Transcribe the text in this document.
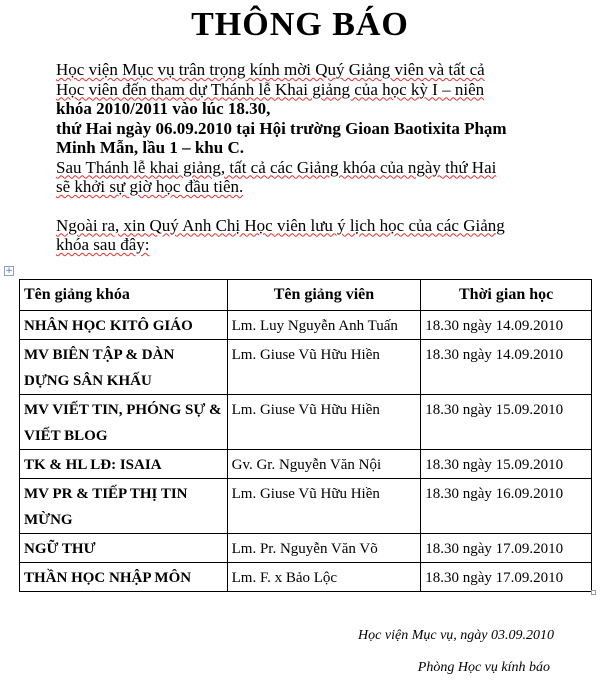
THÔNG BÁO

Học viện Mục vụ trân trọng kính mời Quý Giảng viên và tất cả

Học viên đến tham dự Thánh lễ Khai giảng của học kỳ I – niên

khóa 2010/2011 vào lúc 18.30,

thứ Hai ngày 06.09.2010 tại Hội trường Gioan Baotixita Phạm

Minh Mẫn, lầu 1 – khu C.

Sau Thánh lễ khai giảng, tất cả các Giảng khóa của ngày thứ Hai

sẽ khởi sự giờ học đầu tiên.

Ngoài ra, xin Quý Anh Chị Học viên lưu ý lịch học của các Giảng

khóa sau đây:

+
Tên giảng khóa	Tên giảng viên	Thời gian học
NHÂN HỌC KITÔ GIÁO	Lm. Luy Nguyễn Anh Tuấn	18.30 ngày 14.09.2010
MV BIÊN TẬP & DÀN DỰNG SÂN KHẤU	Lm. Giuse Vũ Hữu Hiền	18.30 ngày 14.09.2010
MV VIẾT TIN, PHÓNG SỰ & VIẾT BLOG	Lm. Giuse Vũ Hữu Hiền	18.30 ngày 15.09.2010
TK & HL LĐ: ISAIA	Gv. Gr. Nguyễn Văn Nội	18.30 ngày 15.09.2010
MV PR & TIẾP THỊ TIN MỪNG	Lm. Giuse Vũ Hữu Hiền	18.30 ngày 16.09.2010
NGỮ THƯ	Lm. Pr. Nguyễn Văn Võ	18.30 ngày 17.09.2010
THẦN HỌC NHẬP MÔN	Lm. F. x Bảo Lộc	18.30 ngày 17.09.2010
Học viện Mục vụ, ngày 03.09.2010
Phòng Học vụ kính báo
